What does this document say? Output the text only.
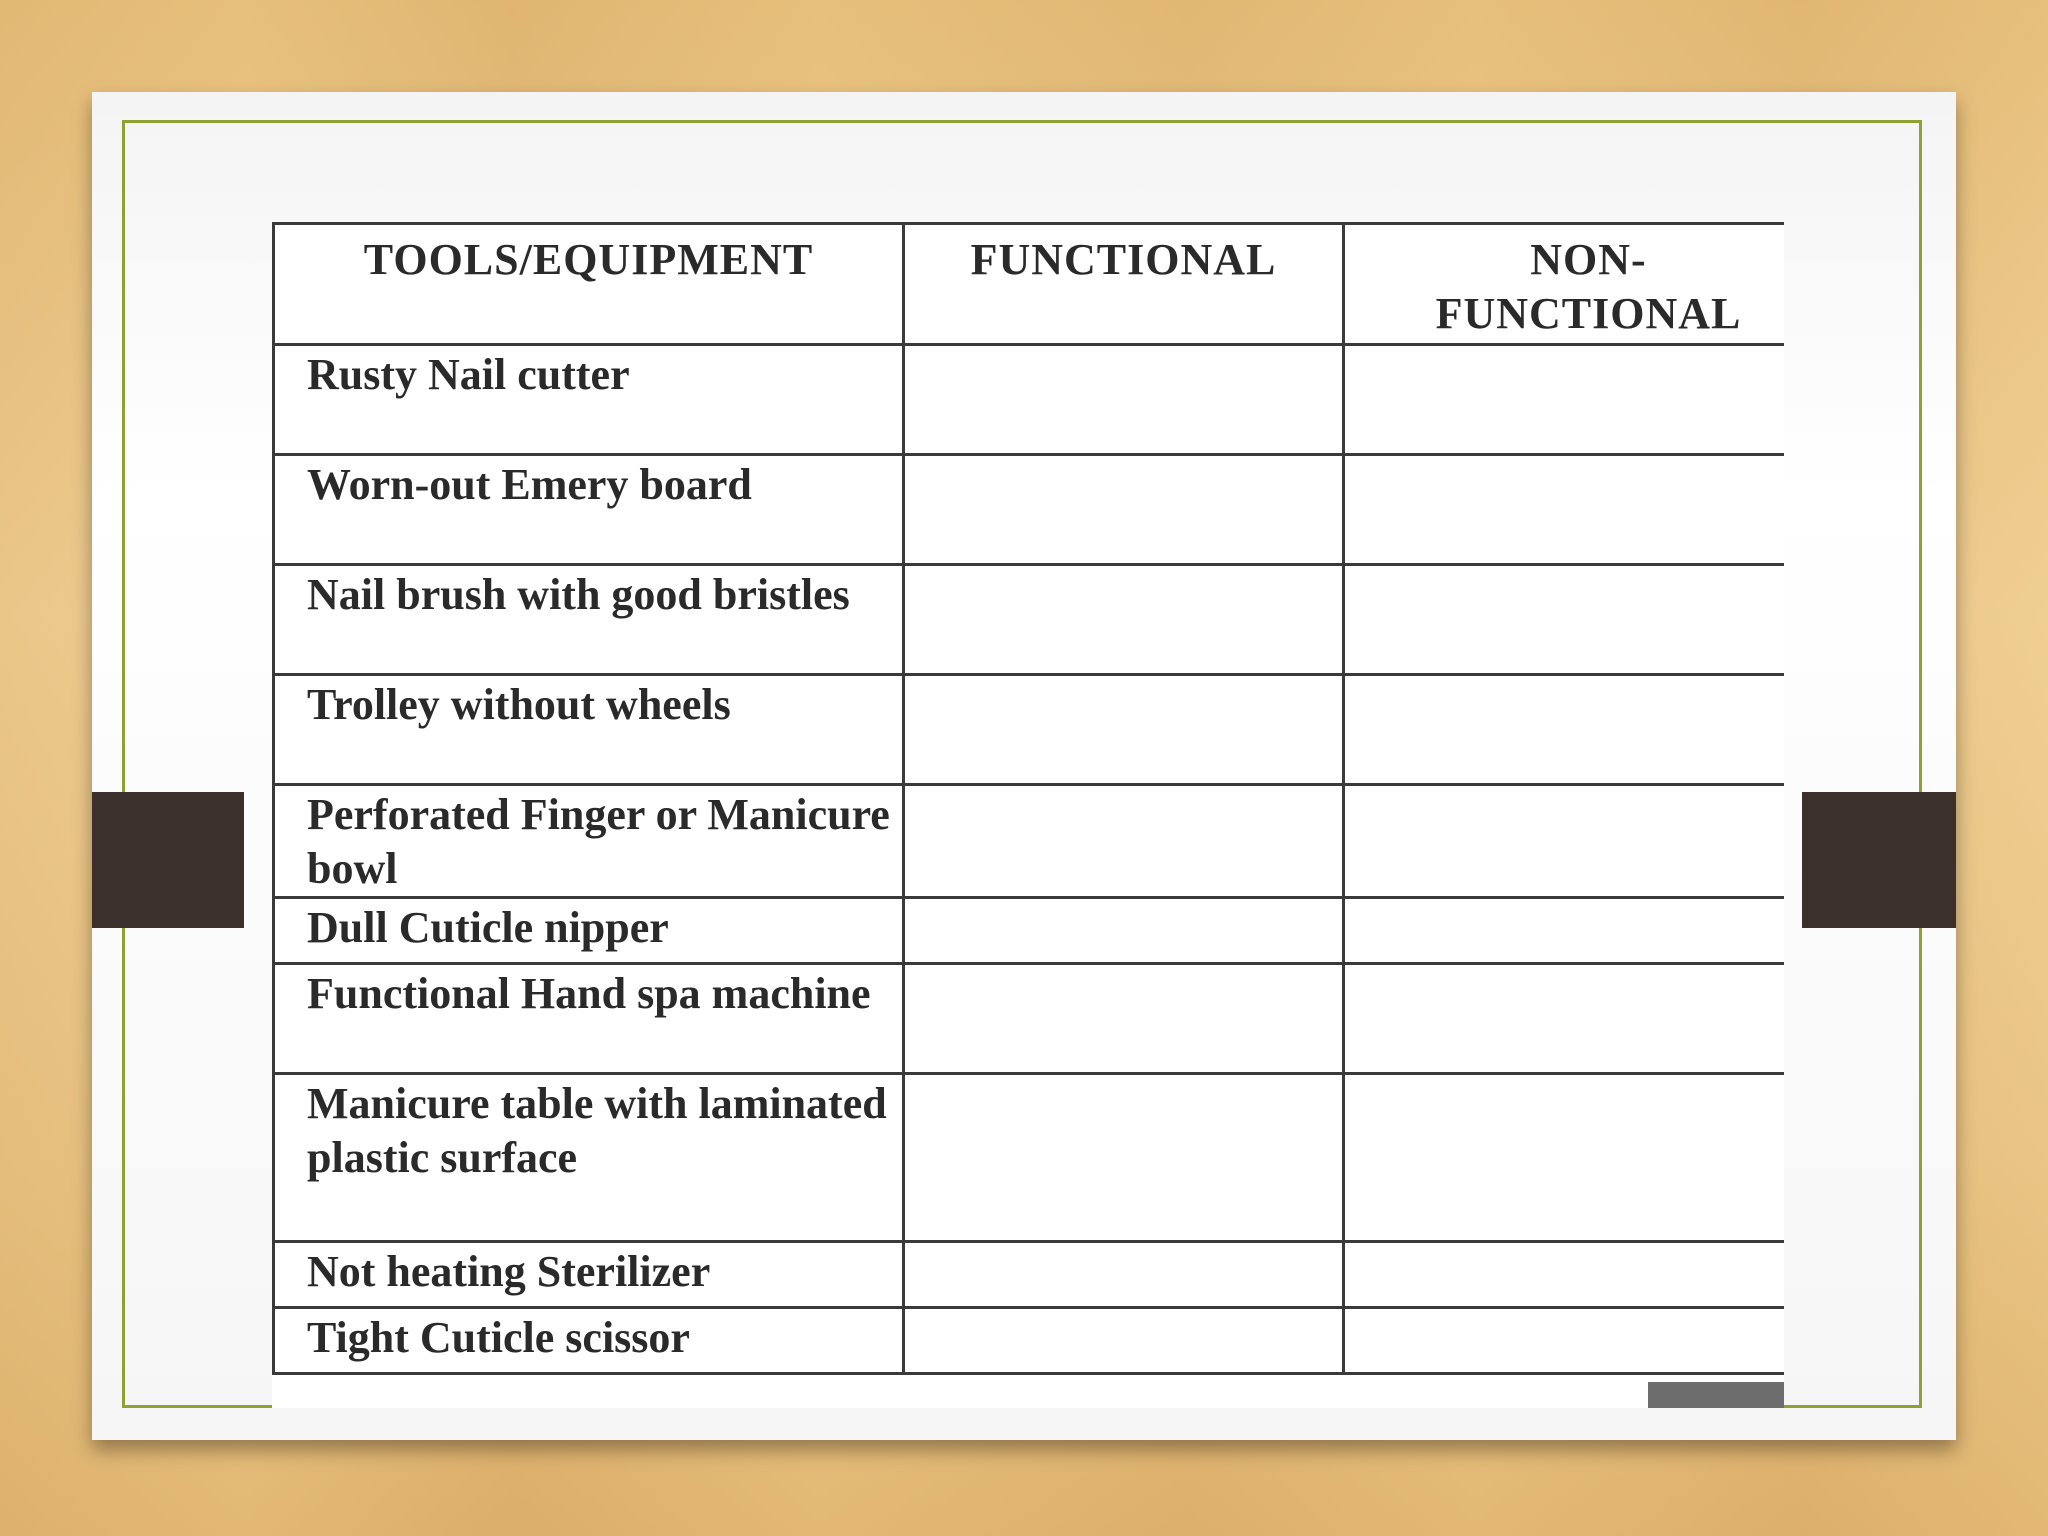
TOOLS/EQUIPMENT	FUNCTIONAL	NON-
FUNCTIONAL
Rusty Nail cutter		
Worn-out Emery board		
Nail brush with good bristles		
Trolley without wheels		
Perforated Finger or Manicure bowl		
Dull Cuticle nipper		
Functional Hand spa machine		
Manicure table with laminated plastic surface		
Not heating Sterilizer		
Tight Cuticle scissor		
